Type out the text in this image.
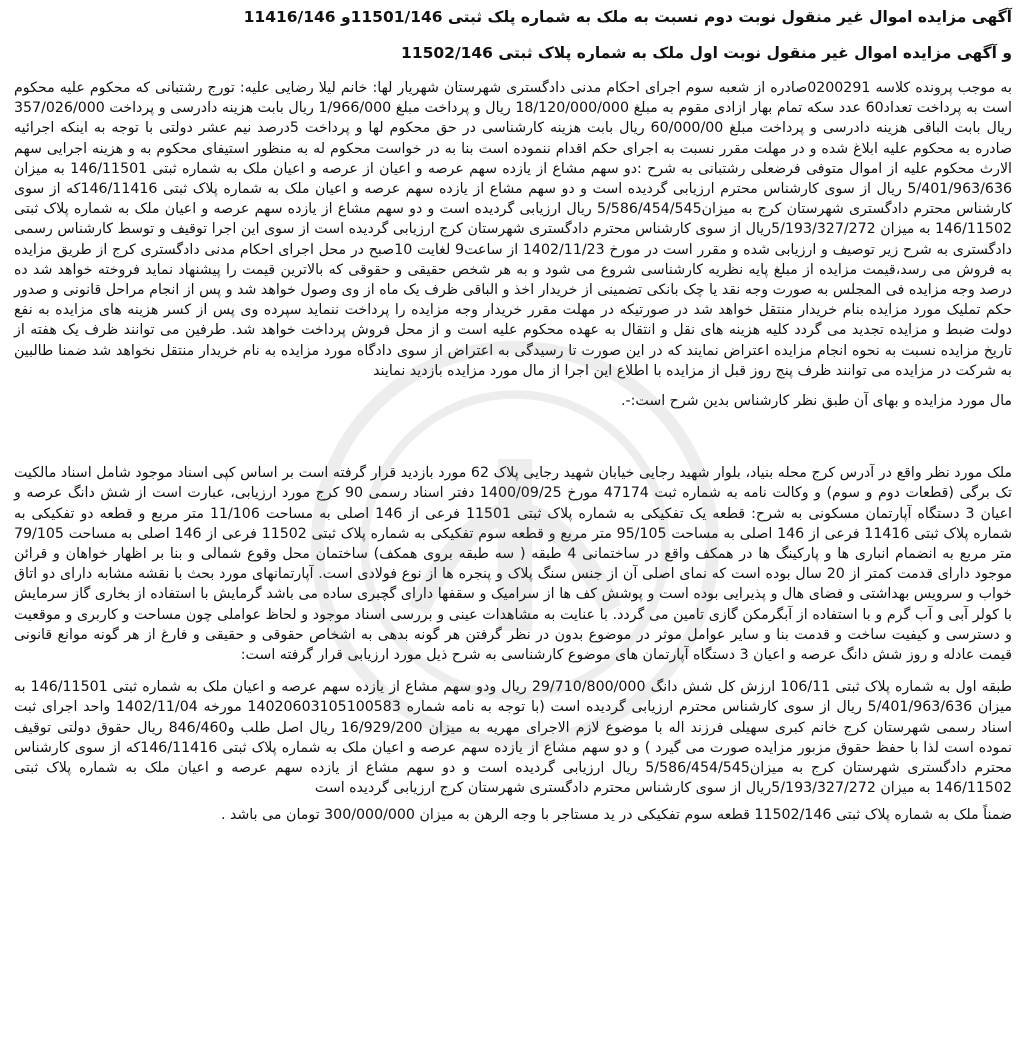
آگهی مزایده اموال غیر منقول نوبت دوم نسبت به ملک به شماره پلک ثبتی 11501/146و 11416/146

و آگهی مزایده اموال غیر منقول نوبت اول ملک به شماره پلاک ثبتی 11502/146

به موجب پرونده کلاسه 0200291صادره از شعبه سوم اجرای احکام مدنی دادگستری شهرستان شهریار لها: خانم لیلا رضایی علیه: تورج رشتبانی که محکوم علیه محکوم است به پرداخت تعداد60 عدد سکه تمام بهار ازادی مقوم به مبلغ 18/120/000/000 ریال و پرداخت مبلغ 1/966/000 ریال بابت هزینه دادرسی و پرداخت 357/026/000 ریال بابت الباقی هزینه دادرسی و پرداخت مبلغ 60/000/00 ریال بابت هزینه کارشناسی در حق محکوم لها و پرداخت 5درصد نیم عشر دولتی با توجه به اینکه اجرائیه صادره به محکوم علیه ابلاغ شده و در مهلت مقرر نسبت به اجرای حکم اقدام ننموده است بنا به در خواست محکوم له به منظور استیفای محکوم به و هزینه اجرایی سهم الارث محکوم علیه از اموال متوفی فرضعلی رشتبانی به شرح :دو سهم مشاع از یازده سهم عرصه و اعیان از عرصه و اعیان ملک به شماره ثبتی 146/11501 به میزان 5/401/963/636 ریال از سوی کارشناس محترم ارزیابی گردیده است و دو سهم مشاع از یازده سهم عرصه و اعیان ملک به شماره پلاک ثبتی 146/11416که از سوی کارشناس محترم دادگستری شهرستان کرج به میزان5/586/454/545 ریال ارزیابی گردیده است و دو سهم مشاع از یازده سهم عرصه و اعیان ملک به شماره پلاک ثبتی 146/11502 به میزان 5/193/327/272ریال از سوی کارشناس محترم دادگستری شهرستان کرج ارزیابی گردیده است از سوی این اجرا توقیف و توسط کارشناس رسمی دادگستری به شرح زیر توصیف و ارزیابی شده و مقرر است در مورخ 1402/11/23 از ساعت9 لغایت 10صبح در محل اجرای احکام مدنی دادگستری کرج از طریق مزایده به فروش می رسد،قیمت مزایده از مبلغ پایه نظریه کارشناسی شروع می شود و به هر شخص حقیقی و حقوقی که بالاترین قیمت را پیشنهاد نماید فروخته خواهد شد ده درصد وجه مزایده فی المجلس به صورت وجه نقد یا چک بانکی تضمینی از خریدار اخذ و الباقی ظرف یک ماه از وی وصول خواهد شد و پس از انجام مراحل قانونی و صدور حکم تملیک مورد مزایده بنام خریدار منتقل خواهد شد در صورتیکه در مهلت مقرر خریدار وجه مزایده را پرداخت ننماید سپرده وی پس از کسر هزینه های مزایده به نفع دولت ضبط و مزایده تجدید می گردد کلیه هزینه های نقل و انتقال به عهده محکوم علیه است و از محل فروش پرداخت خواهد شد. طرفین می توانند ظرف یک هفته از تاریخ مزایده نسبت به نحوه انجام مزایده اعتراض نمایند که در این صورت تا رسیدگی به اعتراض از سوی دادگاه مورد مزایده به نام خریدار منتقل نخواهد شد ضمنا طالبین به شرکت در مزایده می توانند ظرف پنج روز قبل از مزایده با اطلاع این اجرا از مال مورد مزایده بازدید نمایند

مال مورد مزایده و بهای آن طبق نظر کارشناس بدین شرح است:-.

ملک مورد نظر واقع در آدرس کرج محله بنیاد، بلوار شهید رجایی خیابان شهید رجایی پلاک 62 مورد بازدید قرار گرفته است بر اساس کپی اسناد موجود شامل اسناد مالکیت تک برگی (قطعات دوم و سوم) و وکالت نامه به شماره ثبت 47174 مورخ 1400/09/25 دفتر اسناد رسمی 90 کرج مورد ارزیابی، عبارت است از شش دانگ عرصه و اعیان 3 دستگاه آپارتمان مسکونی به شرح: قطعه یک تفکیکی به شماره پلاک ثبتی 11501 فرعی از 146 اصلی به مساحت 11/106 متر مربع و قطعه دو تفکیکی به شماره پلاک ثبتی 11416 فرعی از 146 اصلی به مساحت 95/105 متر مربع و قطعه سوم تفکیکی به شماره پلاک ثبتی 11502 فرعی از 146 اصلی به مساحت 79/105 متر مربع به انضمام انباری ها و پارکینگ ها در همکف واقع در ساختمانی 4 طبقه ( سه طبقه بروی همکف) ساختمان محل وقوع شمالی و بنا بر اظهار خواهان و قرائن موجود دارای قدمت کمتر از 20 سال بوده است که نمای اصلی آن از جنس سنگ پلاک و پنجره ها از نوع فولادی است. آپارتمانهای مورد بحث با نقشه مشابه دارای دو اتاق خواب و سرویس بهداشتی و فضای هال و پذیرایی بوده است و پوشش کف ها از سرامیک و سقفها دارای گچبری ساده می باشد گرمایش با استفاده از بخاری گاز سرمایش با کولر آبی و آب گرم و با استفاده از آبگرمکن گازی تامین می گردد. با عنایت به مشاهدات عینی و بررسی اسناد موجود و لحاظ عواملی چون مساحت و کاربری و موقعیت و دسترسی و کیفیت ساخت و قدمت بنا و سایر عوامل موثر در موضوع بدون در نظر گرفتن هر گونه بدهی به اشخاص حقوقی و حقیقی و فارغ از هر گونه موانع قانونی قیمت عادله و روز شش دانگ عرصه و اعیان 3 دستگاه آپارتمان های موضوع کارشناسی به شرح ذیل مورد ارزیابی قرار گرفته است:

طبقه اول به شماره پلاک ثبتی 106/11 ارزش کل شش دانگ 29/710/800/000 ریال ودو سهم مشاع از یازده سهم عرصه و اعیان ملک به شماره ثبتی 146/11501 به میزان 5/401/963/636 ریال از سوی کارشناس محترم ارزیابی گردیده است (با توجه به نامه شماره 14020603105100583 مورخه 1402/11/04 واحد اجرای ثبت اسناد رسمی شهرستان کرج خانم کبری سهیلی فرزند اله با موضوع لازم الاجرای مهریه به میزان 16/929/200 ریال اصل طلب و846/460 ریال حقوق دولتی توقیف نموده است لذا با حفظ حقوق مزبور مزایده صورت می گیرد ) و دو سهم مشاع از یازده سهم عرصه و اعیان ملک به شماره پلاک ثبتی 146/11416که از سوی کارشناس محترم دادگستری شهرستان کرج به میزان5/586/454/545 ریال ارزیابی گردیده است و دو سهم مشاع از یازده سهم عرصه و اعیان ملک به شماره پلاک ثبتی 146/11502 به میزان 5/193/327/272ریال از سوی کارشناس محترم دادگستری شهرستان کرج ارزیابی گردیده است

ضمناً ملک به شماره پلاک ثبتی 11502/146 قطعه سوم تفکیکی در ید مستاجر با وجه الرهن به میزان 300/000/000 تومان می باشد .
